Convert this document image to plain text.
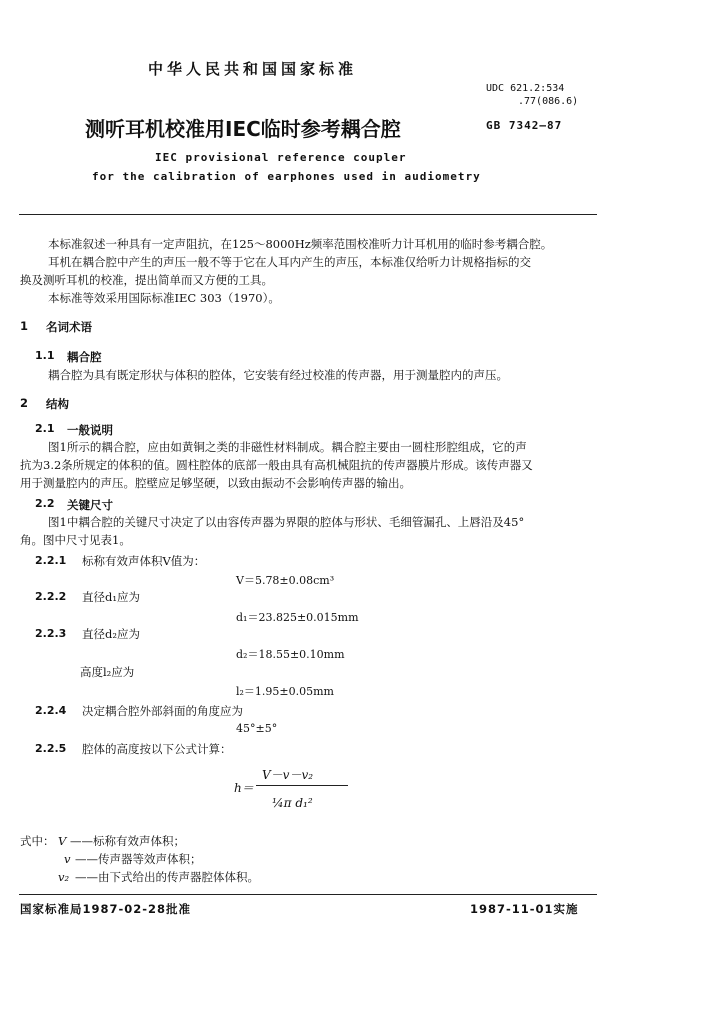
中华人民共和国国家标准
UDC 621.2:534
.77(086.6)
测听耳机校准用IEC临时参考耦合腔	GB 7342—87
IEC provisional reference coupler
for the calibration of earphones used in audiometry
本标准叙述一种具有一定声阻抗，在125～8000Hz频率范围校准听力计耳机用的临时参考耦合腔。
耳机在耦合腔中产生的声压一般不等于它在人耳内产生的声压，本标准仅给听力计规格指标的交
换及测听耳机的校准，提出简单而又方便的工具。
本标准等效采用国际标准IEC 303（1970）。
1 名词术语
1.1 耦合腔
耦合腔为具有既定形状与体积的腔体，它安装有经过校准的传声器，用于测量腔内的声压。
2 结构
2.1 一般说明
图1所示的耦合腔，应由如黄铜之类的非磁性材料制成。耦合腔主要由一圆柱形腔组成，它的声
抗为3.2条所规定的体积的值。圆柱腔体的底部一般由具有高机械阻抗的传声器膜片形成。该传声器又
用于测量腔内的声压。腔壁应足够坚硬，以致由振动不会影响传声器的输出。
2.2 关键尺寸
图1中耦合腔的关键尺寸决定了以由容传声器为界限的腔体与形状、毛细管漏孔、上唇沿及45°
角。图中尺寸见表1。
2.2.1 标称有效声体积V值为：
V＝5.78±0.08cm³
2.2.2 直径d₁应为
d₁＝23.825±0.015mm
2.2.3 直径d₂应为
d₂＝18.55±0.10mm
高度l₂应为
l₂＝1.95±0.05mm
2.2.4 决定耦合腔外部斜面的角度应为
45°±5°
2.2.5 腔体的高度按以下公式计算：
h＝
V－v－v₂
¼π d₁²
式中： V ——标称有效声体积；
v ——传声器等效声体积；
v₂ ——由下式给出的传声器腔体体积。
国家标准局1987-02-28批准	1987-11-01实施
